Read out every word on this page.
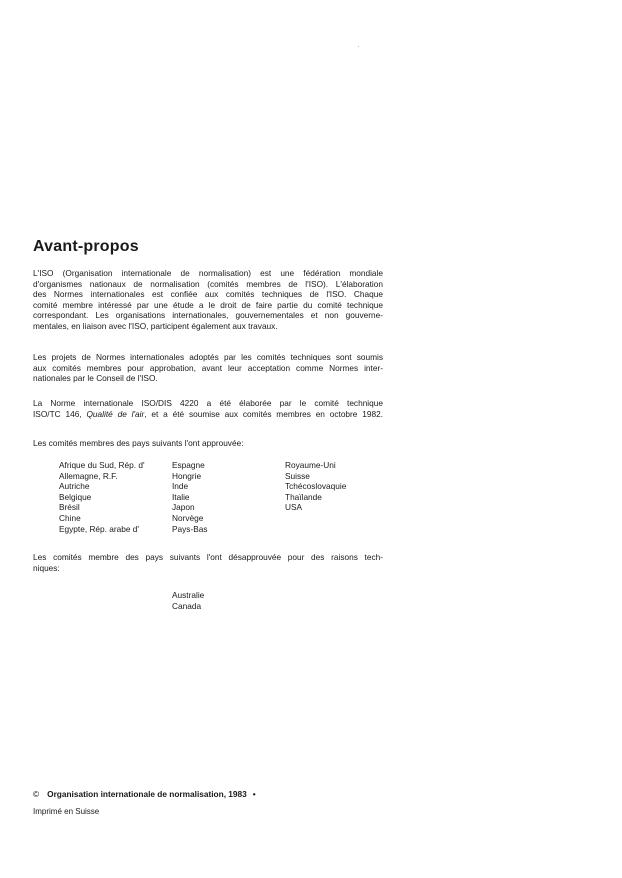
Avant-propos
L'ISO (Organisation internationale de normalisation) est une fédération mondiale
d'organismes nationaux de normalisation (comités membres de l'ISO). L'élaboration
des Normes internationales est confiée aux comités techniques de l'ISO. Chaque
comité membre intéressé par une étude a le droit de faire partie du comité technique
correspondant. Les organisations internationales, gouvernementales et non gouverne-
mentales, en liaison avec l'ISO, participent également aux travaux.
Les projets de Normes internationales adoptés par les comités techniques sont soumis
aux comités membres pour approbation, avant leur acceptation comme Normes inter-
nationales par le Conseil de l'ISO.
La Norme internationale ISO/DIS 4220 a été élaborée par le comité technique
ISO/TC 146, Qualité de l'air, et a été soumise aux comités membres en octobre 1982.

Les comités membres des pays suivants l'ont approuvée:

Afrique du Sud, Rép. d'
Allemagne, R.F.
Autriche
Belgique
Brésil
Chine
Egypte, Rép. arabe d'
Espagne
Hongrie
Inde
Italie
Japon
Norvège
Pays-Bas
Royaume-Uni
Suisse
Tchécoslovaquie
Thaïlande
USA
Les comités membre des pays suivants l'ont désapprouvée pour des raisons tech-
niques:
Australie
Canada
© Organisation internationale de normalisation, 1983 •
Imprimé en Suisse
